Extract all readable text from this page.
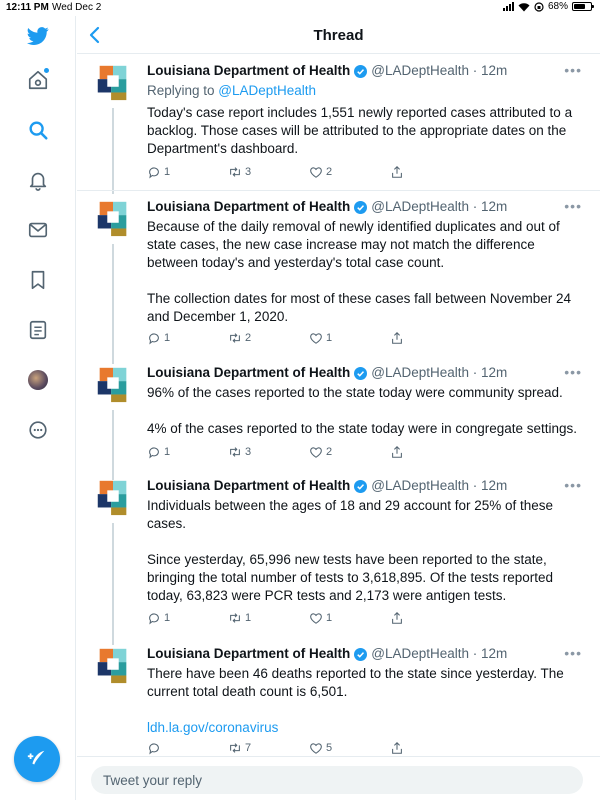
12:11 PM Wed Dec 2	68%
Thread
Louisiana Department of Health @LADeptHealth · 12m	•••
Replying to @LADeptHealth

Today's case report includes 1,551 newly reported cases attributed to a backlog. Those cases will be attributed to the appropriate dates on the Department's dashboard.

1	3	2
Louisiana Department of Health @LADeptHealth · 12m	•••

Because of the daily removal of newly identified duplicates and out of state cases, the new case increase may not match the difference between today's and yesterday's total case count.

The collection dates for most of these cases fall between November 24 and December 1, 2020.

1	2	1
Louisiana Department of Health @LADeptHealth · 12m	•••

96% of the cases reported to the state today were community spread.

4% of the cases reported to the state today were in congregate settings.

1	3	2
Louisiana Department of Health @LADeptHealth · 12m	•••

Individuals between the ages of 18 and 29 account for 25% of these cases.

Since yesterday, 65,996 new tests have been reported to the state, bringing the total number of tests to 3,618,895. Of the tests reported today, 63,823 were PCR tests and 2,173 were antigen tests.

1	1	1
Louisiana Department of Health @LADeptHealth · 12m	•••

There have been 46 deaths reported to the state since yesterday. The current total death count is 6,501.

ldh.la.gov/coronavirus

7	5
Tweet your reply
